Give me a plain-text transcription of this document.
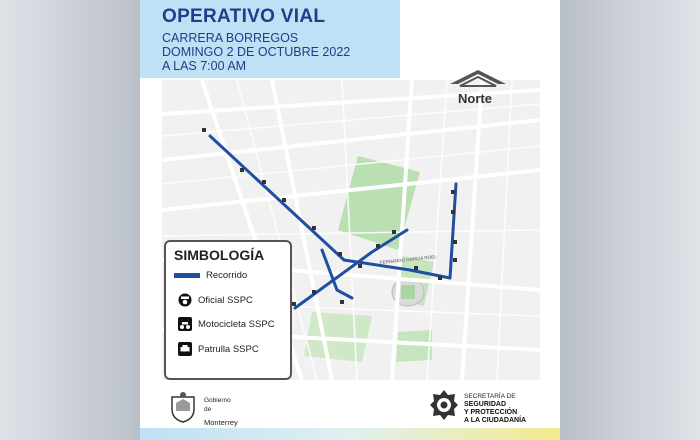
OPERATIVO VIAL
CARRERA BORREGOS
DOMINGO 2 DE OCTUBRE 2022
A LAS 7:00 AM
FERNANDO GARCIA ROEL
Norte
SIMBOLOGÍA
Recorrido
Oficial SSPC
Motocicleta SSPC
Patrulla SSPC
Gobierno
de
Monterrey
SECRETARÍA DE
SEGURIDAD
Y PROTECCIÓN
A LA CIUDADANÍA
